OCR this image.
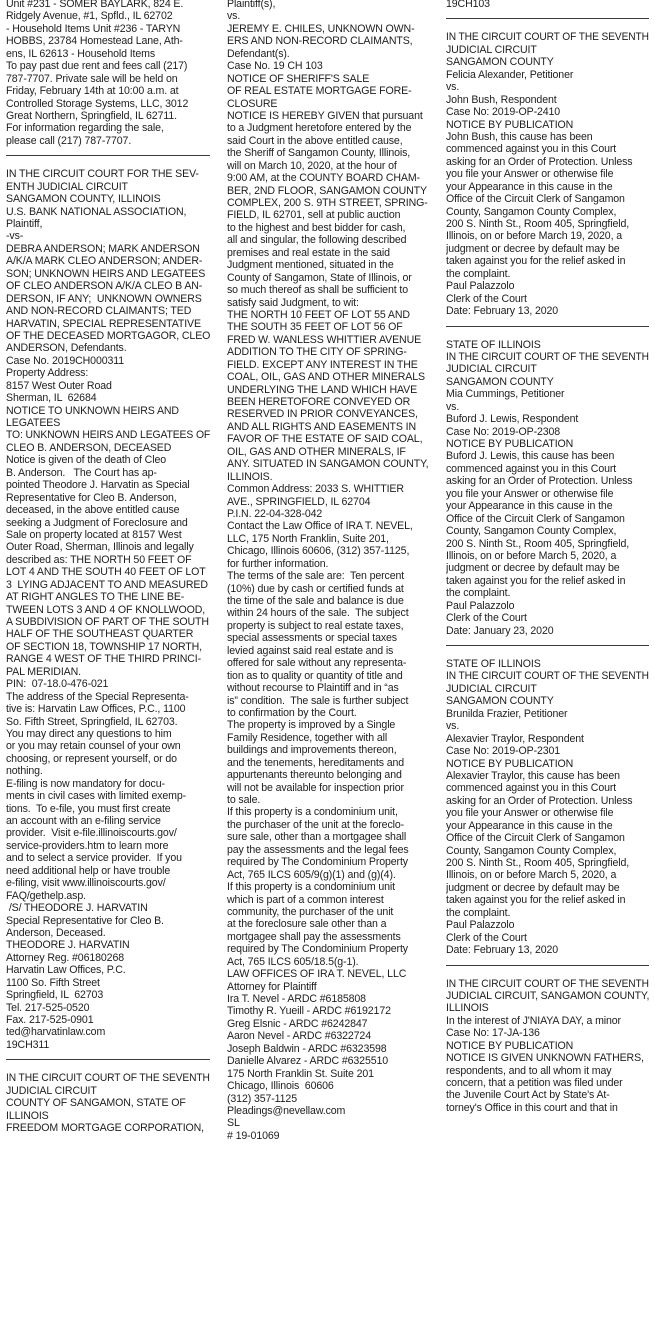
Unit #231 - SOMER BAYLARK, 824 E.
Ridgely Avenue, #1, Spfld., IL 62702
- Household Items Unit #236 - TARYN
HOBBS, 23784 Homestead Lane, Ath-
ens, IL 62613 - Household Items
To pay past due rent and fees call (217)
787-7707. Private sale will be held on
Friday, February 14th at 10:00 a.m. at
Controlled Storage Systems, LLC, 3012
Great Northern, Springfield, IL 62711.
For information regarding the sale,
please call (217) 787-7707.
IN THE CIRCUIT COURT FOR THE SEV-
ENTH JUDICIAL CIRCUIT
SANGAMON COUNTY, ILLINOIS
U.S. BANK NATIONAL ASSOCIATION,
Plaintiff,
-vs-
DEBRA ANDERSON; MARK ANDERSON
A/K/A MARK CLEO ANDERSON; ANDER-
SON; UNKNOWN HEIRS AND LEGATEES
OF CLEO ANDERSON A/K/A CLEO B AN-
DERSON, IF ANY;  UNKNOWN OWNERS
AND NON-RECORD CLAIMANTS; TED
HARVATIN, SPECIAL REPRESENTATIVE
OF THE DECEASED MORTGAGOR, CLEO
ANDERSON, Defendants.
Case No. 2019CH000311
Property Address:
8157 West Outer Road
Sherman, IL  62684
NOTICE TO UNKNOWN HEIRS AND
LEGATEES
TO: UNKNOWN HEIRS AND LEGATEES OF
CLEO B. ANDERSON, DECEASED
Notice is given of the death of Cleo
B. Anderson.   The Court has ap-
pointed Theodore J. Harvatin as Special
Representative for Cleo B. Anderson,
deceased, in the above entitled cause
seeking a Judgment of Foreclosure and
Sale on property located at 8157 West
Outer Road, Sherman, Illinois and legally
described as: THE NORTH 50 FEET OF
LOT 4 AND THE SOUTH 40 FEET OF LOT
3  LYING ADJACENT TO AND MEASURED
AT RIGHT ANGLES TO THE LINE BE-
TWEEN LOTS 3 AND 4 OF KNOLLWOOD,
A SUBDIVISION OF PART OF THE SOUTH
HALF OF THE SOUTHEAST QUARTER
OF SECTION 18, TOWNSHIP 17 NORTH,
RANGE 4 WEST OF THE THIRD PRINCI-
PAL MERIDIAN.
PIN:  07-18.0-476-021
The address of the Special Representa-
tive is: Harvatin Law Offices, P.C., 1100
So. Fifth Street, Springfield, IL 62703.
You may direct any questions to him
or you may retain counsel of your own
choosing, or represent yourself, or do
nothing.
E-filing is now mandatory for docu-
ments in civil cases with limited exemp-
tions.  To e-file, you must first create
an account with an e-filing service
provider.  Visit e-file.illinoiscourts.gov/
service-providers.htm to learn more
and to select a service provider.  If you
need additional help or have trouble
e-filing, visit www.illinoiscourts.gov/
FAQ/gethelp.asp.
/S/ THEODORE J. HARVATIN
Special Representative for Cleo B.
Anderson, Deceased.
THEODORE J. HARVATIN
Attorney Reg. #06180268
Harvatin Law Offices, P.C.
1100 So. Fifth Street
Springfield, IL  62703
Tel. 217-525-0520
Fax. 217-525-0901
ted@harvatinlaw.com
19CH311
IN THE CIRCUIT COURT OF THE SEVENTH
JUDICIAL CIRCUIT
COUNTY OF SANGAMON, STATE OF
ILLINOIS
FREEDOM MORTGAGE CORPORATION,
Plaintiff(s),
vs.
JEREMY E. CHILES, UNKNOWN OWN-
ERS AND NON-RECORD CLAIMANTS,
Defendant(s).
Case No. 19 CH 103
NOTICE OF SHERIFF'S SALE
OF REAL ESTATE MORTGAGE FORE-
CLOSURE
NOTICE IS HEREBY GIVEN that pursuant
to a Judgment heretofore entered by the
said Court in the above entitled cause,
the Sheriff of Sangamon County, Illinois,
will on March 10, 2020, at the hour of
9:00 AM, at the COUNTY BOARD CHAM-
BER, 2ND FLOOR, SANGAMON COUNTY
COMPLEX, 200 S. 9TH STREET, SPRING-
FIELD, IL 62701, sell at public auction
to the highest and best bidder for cash,
all and singular, the following described
premises and real estate in the said
Judgment mentioned, situated in the
County of Sangamon, State of Illinois, or
so much thereof as shall be sufficient to
satisfy said Judgment, to wit:
THE NORTH 10 FEET OF LOT 55 AND
THE SOUTH 35 FEET OF LOT 56 OF
FRED W. WANLESS WHITTIER AVENUE
ADDITION TO THE CITY OF SPRING-
FIELD. EXCEPT ANY INTEREST IN THE
COAL, OIL, GAS AND OTHER MINERALS
UNDERLYING THE LAND WHICH HAVE
BEEN HERETOFORE CONVEYED OR
RESERVED IN PRIOR CONVEYANCES,
AND ALL RIGHTS AND EASEMENTS IN
FAVOR OF THE ESTATE OF SAID COAL,
OIL, GAS AND OTHER MINERALS, IF
ANY. SITUATED IN SANGAMON COUNTY,
ILLINOIS.
Common Address: 2033 S. WHITTIER
AVE., SPRINGFIELD, IL 62704
P.I.N. 22-04-328-042
Contact the Law Office of IRA T. NEVEL,
LLC, 175 North Franklin, Suite 201,
Chicago, Illinois 60606, (312) 357-1125,
for further information.
The terms of the sale are:  Ten percent
(10%) due by cash or certified funds at
the time of the sale and balance is due
within 24 hours of the sale.  The subject
property is subject to real estate taxes,
special assessments or special taxes
levied against said real estate and is
offered for sale without any representa-
tion as to quality or quantity of title and
without recourse to Plaintiff and in “as
is” condition.  The sale is further subject
to confirmation by the Court.
The property is improved by a Single
Family Residence, together with all
buildings and improvements thereon,
and the tenements, hereditaments and
appurtenants thereunto belonging and
will not be available for inspection prior
to sale.
If this property is a condominium unit,
the purchaser of the unit at the foreclo-
sure sale, other than a mortgagee shall
pay the assessments and the legal fees
required by The Condominium Property
Act, 765 ILCS 605/9(g)(1) and (g)(4).
If this property is a condominium unit
which is part of a common interest
community, the purchaser of the unit
at the foreclosure sale other than a
mortgagee shall pay the assessments
required by The Condominium Property
Act, 765 ILCS 605/18.5(g-1).
LAW OFFICES OF IRA T. NEVEL, LLC
Attorney for Plaintiff
Ira T. Nevel - ARDC #6185808
Timothy R. Yueill - ARDC #6192172
Greg Elsnic - ARDC #6242847
Aaron Nevel - ARDC #6322724
Joseph Baldwin - ARDC #6323598
Danielle Alvarez - ARDC #6325510
175 North Franklin St. Suite 201
Chicago, Illinois  60606
(312) 357-1125
Pleadings@nevellaw.com
SL
# 19-01069
19CH103
IN THE CIRCUIT COURT OF THE SEVENTH
JUDICIAL CIRCUIT
SANGAMON COUNTY
Felicia Alexander, Petitioner
vs.
John Bush, Respondent
Case No: 2019-OP-2410
NOTICE BY PUBLICATION
John Bush, this cause has been
commenced against you in this Court
asking for an Order of Protection. Unless
you file your Answer or otherwise file
your Appearance in this cause in the
Office of the Circuit Clerk of Sangamon
County, Sangamon County Complex,
200 S. Ninth St., Room 405, Springfield,
Illinois, on or before March 19, 2020, a
judgment or decree by default may be
taken against you for the relief asked in
the complaint.
Paul Palazzolo
Clerk of the Court
Date: February 13, 2020
STATE OF ILLINOIS
IN THE CIRCUIT COURT OF THE SEVENTH
JUDICIAL CIRCUIT
SANGAMON COUNTY
Mia Cummings, Petitioner
vs.
Buford J. Lewis, Respondent
Case No: 2019-OP-2308
NOTICE BY PUBLICATION
Buford J. Lewis, this cause has been
commenced against you in this Court
asking for an Order of Protection. Unless
you file your Answer or otherwise file
your Appearance in this cause in the
Office of the Circuit Clerk of Sangamon
County, Sangamon County Complex,
200 S. Ninth St., Room 405, Springfield,
Illinois, on or before March 5, 2020, a
judgment or decree by default may be
taken against you for the relief asked in
the complaint.
Paul Palazzolo
Clerk of the Court
Date: January 23, 2020
STATE OF ILLINOIS
IN THE CIRCUIT COURT OF THE SEVENTH
JUDICIAL CIRCUIT
SANGAMON COUNTY
Brunilda Frazier, Petitioner
vs.
Alexavier Traylor, Respondent
Case No: 2019-OP-2301
NOTICE BY PUBLICATION
Alexavier Traylor, this cause has been
commenced against you in this Court
asking for an Order of Protection. Unless
you file your Answer or otherwise file
your Appearance in this cause in the
Office of the Circuit Clerk of Sangamon
County, Sangamon County Complex,
200 S. Ninth St., Room 405, Springfield,
Illinois, on or before March 5, 2020, a
judgment or decree by default may be
taken against you for the relief asked in
the complaint.
Paul Palazzolo
Clerk of the Court
Date: February 13, 2020
IN THE CIRCUIT COURT OF THE SEVENTH
JUDICIAL CIRCUIT, SANGAMON COUNTY,
ILLINOIS
In the interest of J'NIAYA DAY, a minor
Case No: 17-JA-136
NOTICE BY PUBLICATION
NOTICE IS GIVEN UNKNOWN FATHERS,
respondents, and to all whom it may
concern, that a petition was filed under
the Juvenile Court Act by State's At-
torney's Office in this court and that in
